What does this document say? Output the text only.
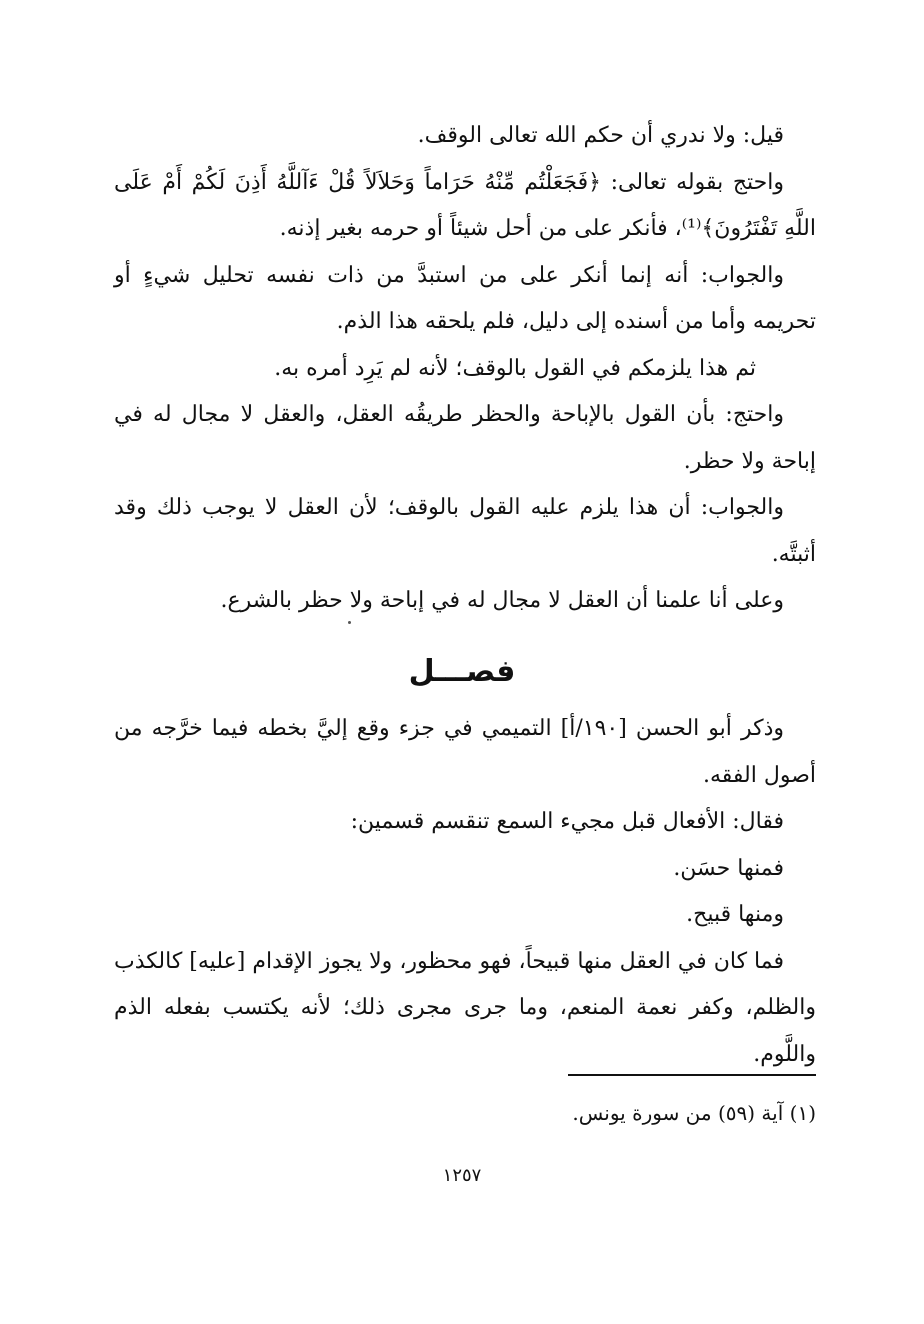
قيل: ولا ندري أن حكم الله تعالى الوقف.

واحتج بقوله تعالى: ﴿فَجَعَلْتُم مِّنْهُ حَرَاماً وَحَلاَلاً قُلْ ءَآللَّهُ أَذِنَ لَكُمْ أَمْ عَلَى اللَّهِ تَفْتَرُونَ﴾⁽¹⁾، فأنكر على من أحل شيئاً أو حرمه بغير إذنه.

والجواب: أنه إنما أنكر على من استبدَّ من ذات نفسه تحليل شيءٍ أو تحريمه وأما من أسنده إلى دليل، فلم يلحقه هذا الذم.

ثم هذا يلزمكم في القول بالوقف؛ لأنه لم يَرِد أمره به.

واحتج: بأن القول بالإباحة والحظر طريقُه العقل، والعقل لا مجال له في إباحة ولا حظر.

والجواب: أن هذا يلزم عليه القول بالوقف؛ لأن العقل لا يوجب ذلك وقد أثبتَّه.

وعلى أنا علمنا أن العقل لا مجال له في إباحة ولا حظر بالشرع.

فصـــل

وذكر أبو الحسن [١٩٠/أ] التميمي في جزء وقع إليَّ بخطه فيما خرَّجه من أصول الفقه.

فقال: الأفعال قبل مجيء السمع تنقسم قسمين:

فمنها حسَن.

ومنها قبيح.

فما كان في العقل منها قبيحاً، فهو محظور، ولا يجوز الإقدام [عليه] كالكذب والظلم، وكفر نعمة المنعم، وما جرى مجرى ذلك؛ لأنه يكتسب بفعله الذم واللَّوم.

(١) آية (٥٩) من سورة يونس.
١٢٥٧
